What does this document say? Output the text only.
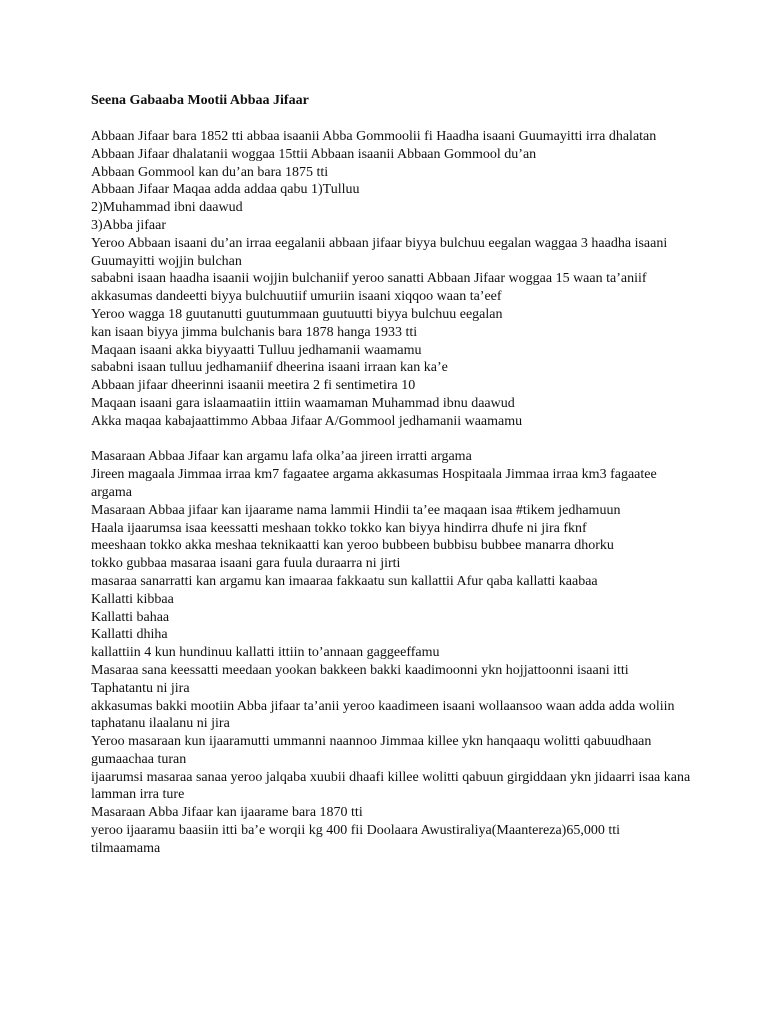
Seena Gabaaba Mootii Abbaa Jifaar
Abbaan Jifaar bara 1852 tti abbaa isaanii Abba Gommoolii fi Haadha isaani Guumayitti irra dhalatan
Abbaan Jifaar dhalatanii woggaa 15ttii Abbaan isaanii Abbaan Gommool du’an
Abbaan Gommool kan du’an bara 1875 tti
Abbaan Jifaar Maqaa adda addaa qabu 1)Tulluu
2)Muhammad ibni daawud
3)Abba jifaar
Yeroo Abbaan isaani du’an irraa eegalanii abbaan jifaar biyya bulchuu eegalan waggaa 3 haadha isaani Guumayitti wojjin bulchan
sababni isaan haadha isaanii wojjin bulchaniif yeroo sanatti Abbaan Jifaar woggaa 15 waan ta’aniif akkasumas dandeetti biyya bulchuutiif umuriin isaani xiqqoo waan ta’eef
Yeroo wagga 18 guutanutti guutummaan guutuutti biyya bulchuu eegalan
kan isaan biyya jimma bulchanis bara 1878 hanga 1933 tti
Maqaan isaani akka biyyaatti Tulluu jedhamanii waamamu
sababni isaan tulluu jedhamaniif dheerina isaani irraan kan ka’e
Abbaan jifaar dheerinni isaanii meetira 2 fi sentimetira 10
Maqaan isaani gara islaamaatiin ittiin waamaman Muhammad ibnu daawud
Akka maqaa kabajaattimmo Abbaa Jifaar A/Gommool jedhamanii waamamu
Masaraan Abbaa Jifaar kan argamu lafa olka’aa jireen irratti argama
Jireen magaala Jimmaa irraa km7 fagaatee argama akkasumas Hospitaala Jimmaa irraa km3 fagaatee argama
Masaraan Abbaa jifaar kan ijaarame nama lammii Hindii ta’ee maqaan isaa #tikem jedhamuun
Haala ijaarumsa isaa keessatti meshaan tokko tokko kan biyya hindirra dhufe ni jira fknf
meeshaan tokko akka meshaa teknikaatti kan yeroo bubbeen bubbisu bubbee manarra dhorku
tokko gubbaa masaraa isaani gara fuula duraarra ni jirti
masaraa sanarratti kan argamu kan imaaraa fakkaatu sun kallattii Afur qaba kallatti kaabaa
Kallatti kibbaa
Kallatti bahaa
Kallatti dhiha
kallattiin 4 kun hundinuu kallatti ittiin to’annaan gaggeeffamu
Masaraa sana keessatti meedaan yookan bakkeen bakki kaadimoonni ykn hojjattoonni isaani itti Taphatantu ni jira
akkasumas bakki mootiin Abba jifaar ta’anii yeroo kaadimeen isaani wollaansoo waan adda adda woliin taphatanu ilaalanu ni jira
Yeroo masaraan kun ijaaramutti ummanni naannoo Jimmaa killee ykn hanqaaqu wolitti qabuudhaan gumaachaa turan
ijaarumsi masaraa sanaa yeroo jalqaba xuubii dhaafi killee wolitti qabuun girgiddaan ykn jidaarri isaa kana lamman irra ture
Masaraan Abba Jifaar kan ijaarame bara 1870 tti
yeroo ijaaramu baasiin itti ba’e worqii kg 400 fii Doolaara Awustiraliya(Maantereza)65,000 tti tilmaamama
